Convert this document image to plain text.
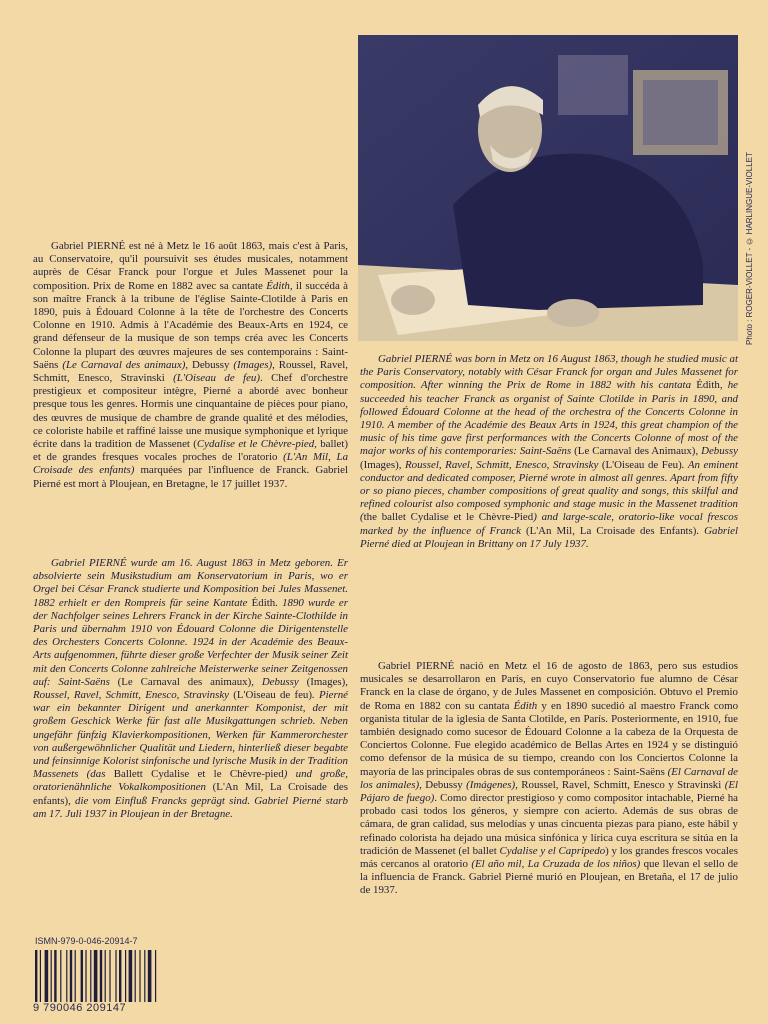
Photo : ROGER-VIOLLET - © HARLINGUE-VIOLLET

Gabriel PIERNÉ est né à Metz le 16 août 1863, mais c'est à Paris, au Conservatoire, qu'il poursuivit ses études musicales, notamment auprès de César Franck pour l'orgue et Jules Massenet pour la composition. Prix de Rome en 1882 avec sa cantate Édith, il succéda à son maître Franck à la tribune de l'église Sainte-Clotilde à Paris en 1890, puis à Édouard Colonne à la tête de l'orchestre des Concerts Colonne en 1910. Admis à l'Académie des Beaux-Arts en 1924, ce grand défenseur de la musique de son temps créa avec les Concerts Colonne la plupart des œuvres majeures de ses contemporains : Saint-Saëns (Le Carnaval des animaux), Debussy (Images), Roussel, Ravel, Schmitt, Enesco, Stravinski (L'Oiseau de feu). Chef d'orchestre prestigieux et compositeur intègre, Pierné a abordé avec bonheur presque tous les genres. Hormis une cinquantaine de pièces pour piano, des œuvres de musique de chambre de grande qualité et des mélodies, ce coloriste habile et raffiné laisse une musique symphonique et lyrique écrite dans la tradition de Massenet (Cydalise et le Chèvre-pied, ballet) et de grandes fresques vocales proches de l'oratorio (L'An Mil, La Croisade des enfants) marquées par l'influence de Franck. Gabriel Pierné est mort à Ploujean, en Bretagne, le 17 juillet 1937.

Gabriel PIERNÉ wurde am 16. August 1863 in Metz geboren. Er absolvierte sein Musikstudium am Konservatorium in Paris, wo er Orgel bei César Franck studierte und Komposition bei Jules Massenet. 1882 erhielt er den Rompreis für seine Kantate Édith. 1890 wurde er der Nachfolger seines Lehrers Franck in der Kirche Sainte-Clothilde in Paris und übernahm 1910 von Édouard Colonne die Dirigentenstelle des Orchesters Concerts Colonne. 1924 in der Académie des Beaux-Arts aufgenommen, führte dieser große Verfechter der Musik seiner Zeit mit den Concerts Colonne zahlreiche Meisterwerke seiner Zeitgenossen auf: Saint-Saëns (Le Carnaval des animaux), Debussy (Images), Roussel, Ravel, Schmitt, Enesco, Stravinsky (L'Oiseau de feu). Pierné war ein bekannter Dirigent und anerkannter Komponist, der mit großem Geschick Werke für fast alle Musikgattungen schrieb. Neben ungefähr fünfzig Klavierkompositionen, Werken für Kammerorchester von außergewöhnlicher Qualität und Liedern, hinterließ dieser begabte und feinsinnige Kolorist sinfonische und lyrische Musik in der Tradition Massenets (das Ballett Cydalise et le Chèvre-pied) und große, oratorienähnliche Vokalkompositionen (L'An Mil, La Croisade des enfants), die vom Einfluß Francks geprägt sind. Gabriel Pierné starb am 17. Juli 1937 in Ploujean in der Bretagne.

Gabriel PIERNÉ was born in Metz on 16 August 1863, though he studied music at the Paris Conservatory, notably with César Franck for organ and Jules Massenet for composition. After winning the Prix de Rome in 1882 with his cantata Édith, he succeeded his teacher Franck as organist of Sainte Clotilde in Paris in 1890, and followed Édouard Colonne at the head of the orchestra of the Concerts Colonne in 1910. A member of the Académie des Beaux Arts in 1924, this great champion of the music of his time gave first performances with the Concerts Colonne of most of the major works of his contemporaries: Saint-Saëns (Le Carnaval des Animaux), Debussy (Images), Roussel, Ravel, Schmitt, Enesco, Stravinsky (L'Oiseau de Feu). An eminent conductor and dedicated composer, Pierné wrote in almost all genres. Apart from fifty or so piano pieces, chamber compositions of great quality and songs, this skilful and refined colourist also composed symphonic and stage music in the Massenet tradition (the ballet Cydalise et le Chèvre-Pied) and large-scale, oratorio-like vocal frescos marked by the influence of Franck (L'An Mil, La Croisade des Enfants). Gabriel Pierné died at Ploujean in Brittany on 17 July 1937.

Gabriel PIERNÉ nació en Metz el 16 de agosto de 1863, pero sus estudios musicales se desarrollaron en París, en cuyo Conservatorio fue alumno de César Franck en la clase de órgano, y de Jules Massenet en composición. Obtuvo el Premio de Roma en 1882 con su cantata Édith y en 1890 sucedió al maestro Franck como organista titular de la iglesia de Santa Clotilde, en París. Posteriormente, en 1910, fue también designado como sucesor de Édouard Colonne a la cabeza de la Orquesta de Conciertos Colonne. Fue elegido académico de Bellas Artes en 1924 y se distinguió como defensor de la música de su tiempo, creando con los Conciertos Colonne la mayoría de las principales obras de sus contemporáneos : Saint-Saëns (El Carnaval de los animales), Debussy (Imágenes), Roussel, Ravel, Schmitt, Enesco y Stravinski (El Pájaro de fuego). Como director prestigioso y como compositor intachable, Pierné ha probado casi todos los géneros, y siempre con acierto. Además de sus obras de cámara, de gran calidad, sus melodías y unas cincuenta piezas para piano, este hábil y refinado colorista ha dejado una música sinfónica y lírica cuya escritura se sitúa en la tradición de Massenet (el ballet Cydalise y el Capripedo) y los grandes frescos vocales más cercanos al oratorio (El año mil, La Cruzada de los niños) que llevan el sello de la influencia de Franck. Gabriel Pierné murió en Ploujean, en Bretaña, el 17 de julio de 1937.

ISMN-979-0-046-20914-7
9 790046 209147
